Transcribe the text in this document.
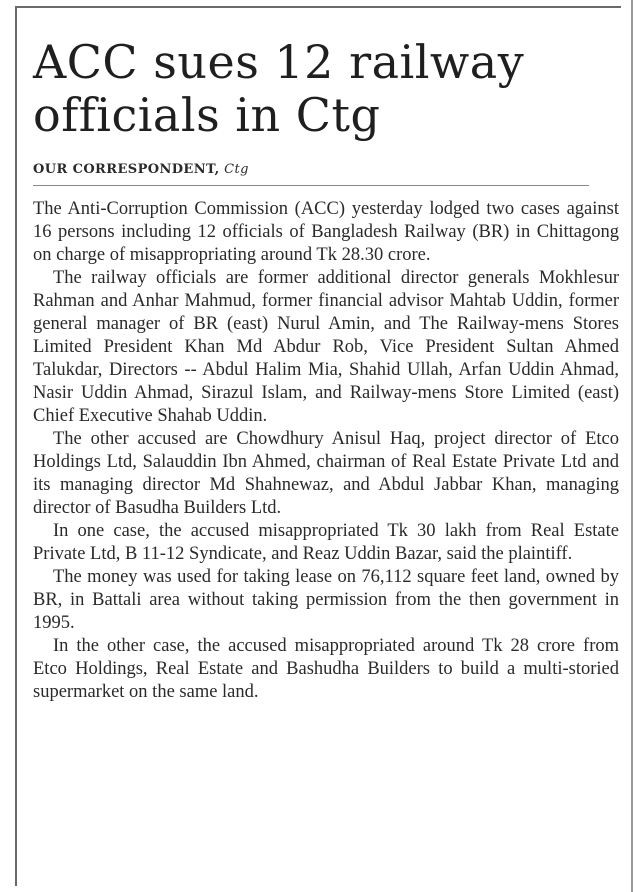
ACC sues 12 railway officials in Ctg
OUR CORRESPONDENT, Ctg

The Anti-Corruption Commission (ACC) yesterday lodged two cases against 16 persons including 12 officials of Bangladesh Railway (BR) in Chittagong on charge of misappropriating around Tk 28.30 crore.

The railway officials are former additional director generals Mokhlesur Rahman and Anhar Mahmud, former financial advisor Mahtab Uddin, former general manager of BR (east) Nurul Amin, and The Railway-mens Stores Limited President Khan Md Abdur Rob, Vice President Sultan Ahmed Talukdar, Directors -- Abdul Halim Mia, Shahid Ullah, Arfan Uddin Ahmad, Nasir Uddin Ahmad, Sirazul Islam, and Railway-mens Store Limited (east) Chief Executive Shahab Uddin.

The other accused are Chowdhury Anisul Haq, project director of Etco Holdings Ltd, Salauddin Ibn Ahmed, chairman of Real Estate Private Ltd and its managing director Md Shahnewaz, and Abdul Jabbar Khan, managing director of Basudha Builders Ltd.

In one case, the accused misappropriated Tk 30 lakh from Real Estate Private Ltd, B 11-12 Syndicate, and Reaz Uddin Bazar, said the plaintiff.

The money was used for taking lease on 76,112 square feet land, owned by BR, in Battali area without taking permission from the then government in 1995.

In the other case, the accused misappropriated around Tk 28 crore from Etco Holdings, Real Estate and Bashudha Builders to build a multi-storied supermarket on the same land.
